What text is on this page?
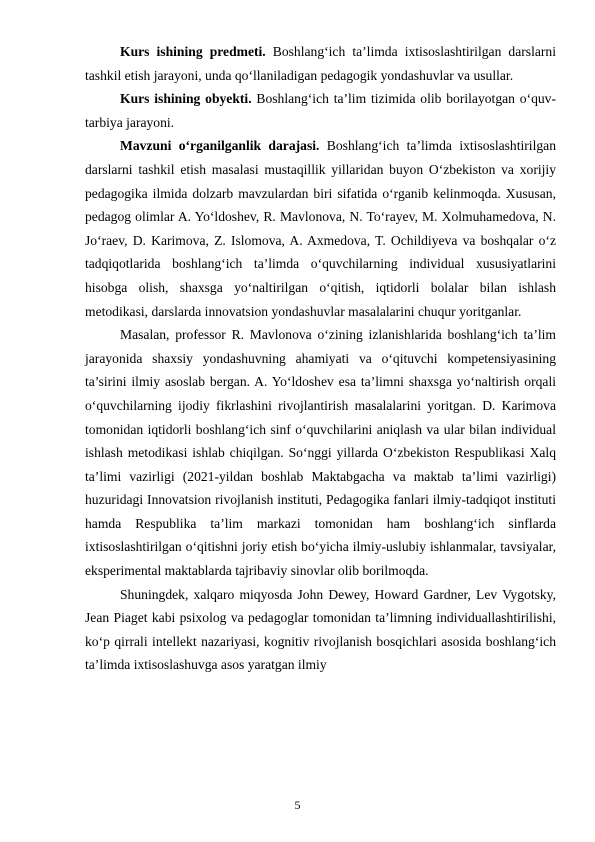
Kurs ishining predmeti. Boshlang‘ich ta’limda ixtisoslashtirilgan darslarni tashkil etish jarayoni, unda qo‘llaniladigan pedagogik yondashuvlar va usullar.

Kurs ishining obyekti. Boshlang‘ich ta’lim tizimida olib borilayotgan o‘quv-tarbiya jarayoni.

Mavzuni o‘rganilganlik darajasi. Boshlang‘ich ta’limda ixtisoslashtirilgan darslarni tashkil etish masalasi mustaqillik yillaridan buyon O‘zbekiston va xorijiy pedagogika ilmida dolzarb mavzulardan biri sifatida o‘rganib kelinmoqda. Xususan, pedagog olimlar A. Yo‘ldoshev, R. Mavlonova, N. To‘rayev, M. Xolmuhamedova, N. Jo‘raev, D. Karimova, Z. Islomova, A. Axmedova, T. Ochildiyeva va boshqalar o‘z tadqiqotlarida boshlang‘ich ta’limda o‘quvchilarning individual xususiyatlarini hisobga olish, shaxsga yo‘naltirilgan o‘qitish, iqtidorli bolalar bilan ishlash metodikasi, darslarda innovatsion yondashuvlar masalalarini chuqur yoritganlar.

Masalan, professor R. Mavlonova o‘zining izlanishlarida boshlang‘ich ta’lim jarayonida shaxsiy yondashuvning ahamiyati va o‘qituvchi kompetensiyasining ta’sirini ilmiy asoslab bergan. A. Yo‘ldoshev esa ta’limni shaxsga yo‘naltirish orqali o‘quvchilarning ijodiy fikrlashini rivojlantirish masalalarini yoritgan. D. Karimova tomonidan iqtidorli boshlang‘ich sinf o‘quvchilarini aniqlash va ular bilan individual ishlash metodikasi ishlab chiqilgan. So‘nggi yillarda O‘zbekiston Respublikasi Xalq ta’limi vazirligi (2021-yildan boshlab Maktabgacha va maktab ta’limi vazirligi) huzuridagi Innovatsion rivojlanish instituti, Pedagogika fanlari ilmiy-tadqiqot instituti hamda Respublika ta’lim markazi tomonidan ham boshlang‘ich sinflarda ixtisoslashtirilgan o‘qitishni joriy etish bo‘yicha ilmiy-uslubiy ishlanmalar, tavsiyalar, eksperimental maktablarda tajribaviy sinovlar olib borilmoqda.

Shuningdek, xalqaro miqyosda John Dewey, Howard Gardner, Lev Vygotsky, Jean Piaget kabi psixolog va pedagoglar tomonidan ta’limning individuallashtirilishi, ko‘p qirrali intellekt nazariyasi, kognitiv rivojlanish bosqichlari asosida boshlang‘ich ta’limda ixtisoslashuvga asos yaratgan ilmiy

5
